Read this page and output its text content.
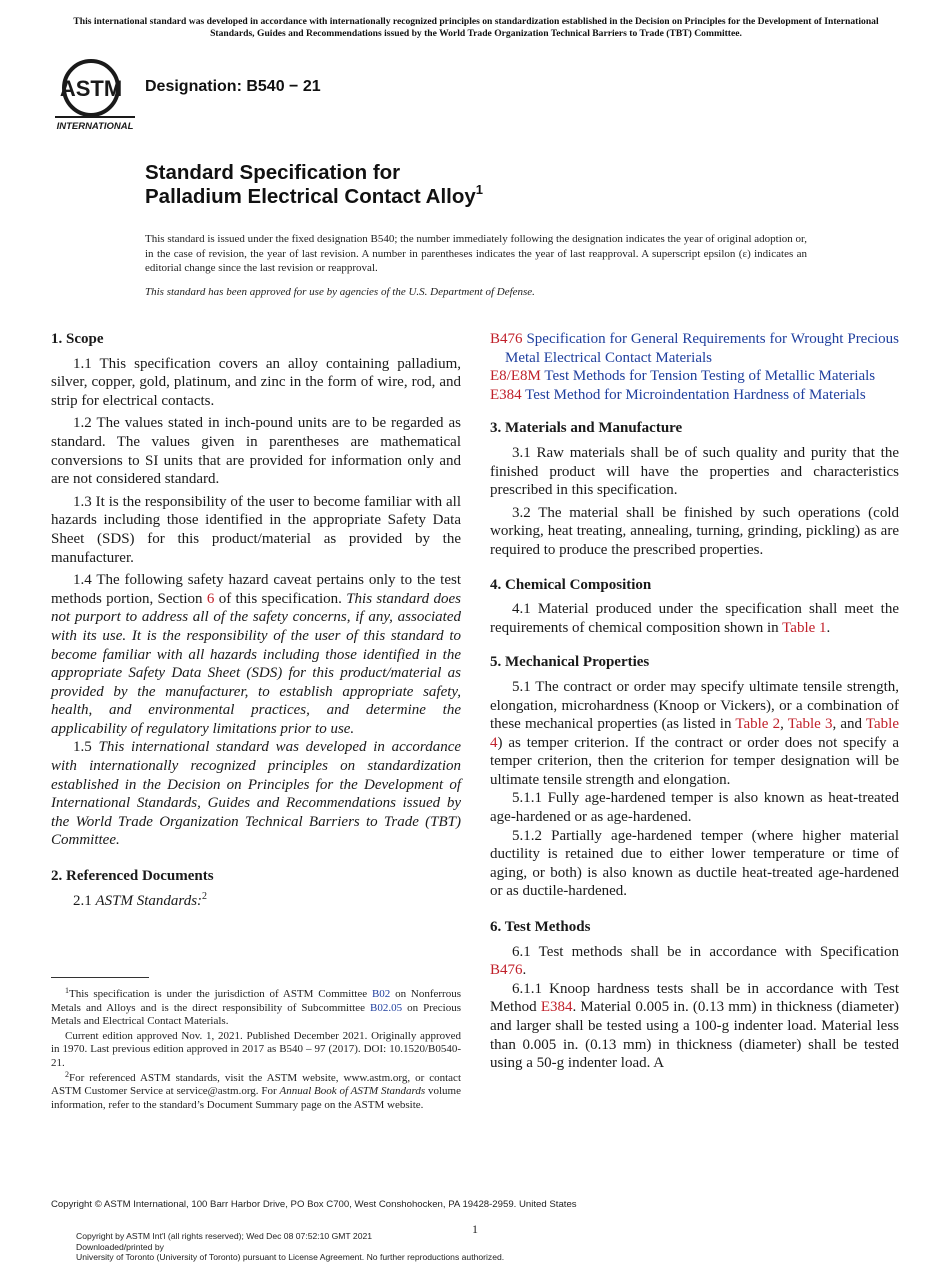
This international standard was developed in accordance with internationally recognized principles on standardization established in the Decision on Principles for the Development of International Standards, Guides and Recommendations issued by the World Trade Organization Technical Barriers to Trade (TBT) Committee.
ASTM
INTERNATIONAL
Designation: B540 − 21
Standard Specification for
Palladium Electrical Contact Alloy$^1$
This standard is issued under the fixed designation B540; the number immediately following the designation indicates the year of original adoption or, in the case of revision, the year of last revision. A number in parentheses indicates the year of last reapproval. A superscript epsilon (ε) indicates an editorial change since the last revision or reapproval.
This standard has been approved for use by agencies of the U.S. Department of Defense.
1. Scope
1.1 This specification covers an alloy containing palladium, silver, copper, gold, platinum, and zinc in the form of wire, rod, and strip for electrical contacts.
1.2 The values stated in inch-pound units are to be regarded as standard. The values given in parentheses are mathematical conversions to SI units that are provided for information only and are not considered standard.
1.3 It is the responsibility of the user to become familiar with all hazards including those identified in the appropriate Safety Data Sheet (SDS) for this product/material as provided by the manufacturer.
1.4 The following safety hazard caveat pertains only to the test methods portion, Section 6 of this specification. This standard does not purport to address all of the safety concerns, if any, associated with its use. It is the responsibility of the user of this standard to become familiar with all hazards including those identified in the appropriate Safety Data Sheet (SDS) for this product/material as provided by the manufacturer, to establish appropriate safety, health, and environmental practices, and determine the applicability of regulatory limitations prior to use.
1.5 This international standard was developed in accordance with internationally recognized principles on standardization established in the Decision on Principles for the Development of International Standards, Guides and Recommendations issued by the World Trade Organization Technical Barriers to Trade (TBT) Committee.
2. Referenced Documents
2.1 ASTM Standards:$^2$
$^1$This specification is under the jurisdiction of ASTM Committee B02 on Nonferrous Metals and Alloys and is the direct responsibility of Subcommittee B02.05 on Precious Metals and Electrical Contact Materials.
Current edition approved Nov. 1, 2021. Published December 2021. Originally approved in 1970. Last previous edition approved in 2017 as B540 – 97 (2017). DOI: 10.1520/B0540-21.
$^2$For referenced ASTM standards, visit the ASTM website, www.astm.org, or contact ASTM Customer Service at service@astm.org. For Annual Book of ASTM Standards volume information, refer to the standard’s Document Summary page on the ASTM website.
B476 Specification for General Requirements for Wrought Precious Metal Electrical Contact Materials
E8/E8M Test Methods for Tension Testing of Metallic Materials
E384 Test Method for Microindentation Hardness of Materials
3. Materials and Manufacture
3.1 Raw materials shall be of such quality and purity that the finished product will have the properties and characteristics prescribed in this specification.
3.2 The material shall be finished by such operations (cold working, heat treating, annealing, turning, grinding, pickling) as are required to produce the prescribed properties.
4. Chemical Composition
4.1 Material produced under the specification shall meet the requirements of chemical composition shown in Table 1.
5. Mechanical Properties
5.1 The contract or order may specify ultimate tensile strength, elongation, microhardness (Knoop or Vickers), or a combination of these mechanical properties (as listed in Table 2, Table 3, and Table 4) as temper criterion. If the contract or order does not specify a temper criterion, then the criterion for temper designation will be ultimate tensile strength and elongation.
5.1.1 Fully age-hardened temper is also known as heat-treated age-hardened or as age-hardened.
5.1.2 Partially age-hardened temper (where higher material ductility is retained due to either lower temperature or time of aging, or both) is also known as ductile heat-treated age-hardened or as ductile-hardened.
6. Test Methods
6.1 Test methods shall be in accordance with Specification B476.
6.1.1 Knoop hardness tests shall be in accordance with Test Method E384. Material 0.005 in. (0.13 mm) in thickness (diameter) and larger shall be tested using a 100-g indenter load. Material less than 0.005 in. (0.13 mm) in thickness (diameter) shall be tested using a 50-g indenter load. A
Copyright © ASTM International, 100 Barr Harbor Drive, PO Box C700, West Conshohocken, PA 19428-2959. United States
1
Copyright by ASTM Int'l (all rights reserved); Wed Dec 08 07:52:10 GMT 2021
Downloaded/printed by
University of Toronto (University of Toronto) pursuant to License Agreement. No further reproductions authorized.
